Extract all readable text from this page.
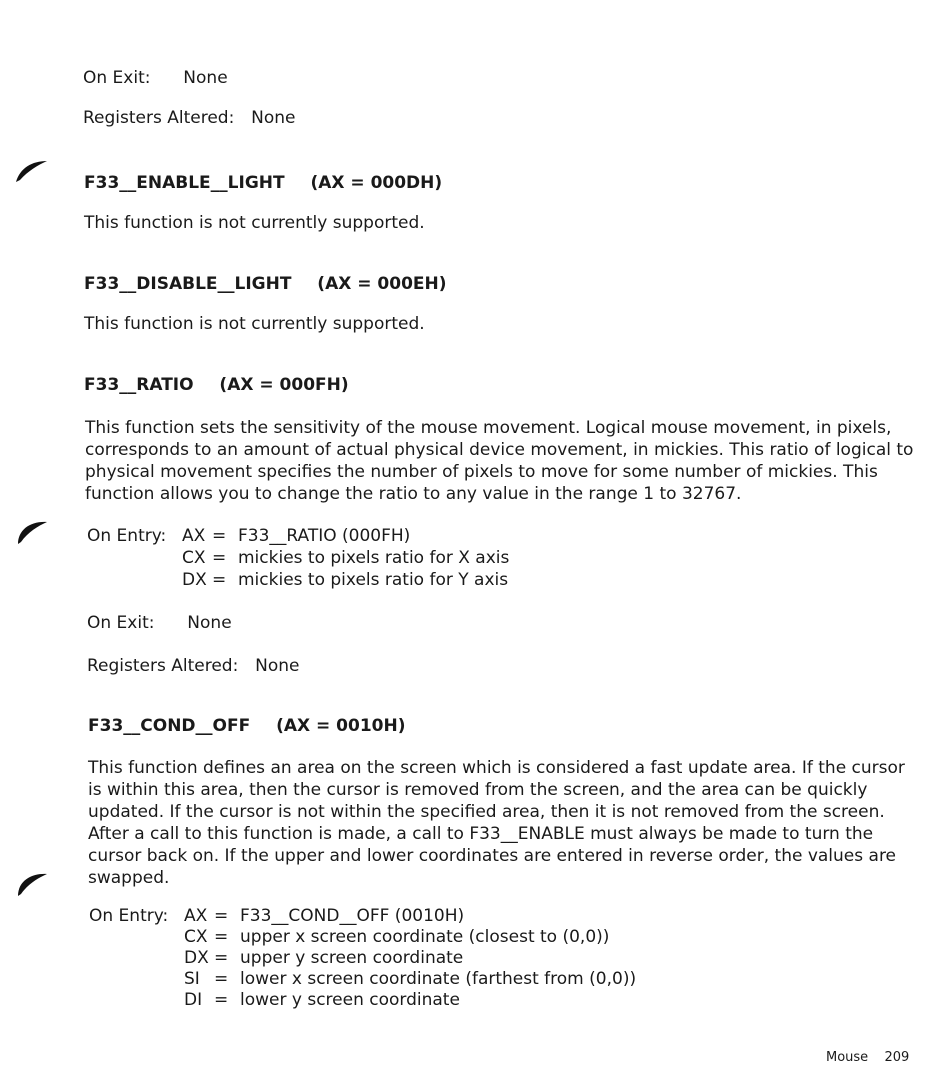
On Exit: None
Registers Altered: None
F33__ENABLE__LIGHT (AX = 000DH)
This function is not currently supported.
F33__DISABLE__LIGHT (AX = 000EH)
This function is not currently supported.
F33__RATIO (AX = 000FH)
This function sets the sensitivity of the mouse movement. Logical mouse movement, in pixels,
corresponds to an amount of actual physical device movement, in mickies. This ratio of logical to
physical movement specifies the number of pixels to move for some number of mickies. This
function allows you to change the ratio to any value in the range 1 to 32767.
On Entry: AX = F33__RATIO (000FH)
CX = mickies to pixels ratio for X axis
DX = mickies to pixels ratio for Y axis
On Exit: None
Registers Altered: None
F33__COND__OFF (AX = 0010H)
This function defines an area on the screen which is considered a fast update area. If the cursor
is within this area, then the cursor is removed from the screen, and the area can be quickly
updated. If the cursor is not within the specified area, then it is not removed from the screen.
After a call to this function is made, a call to F33__ENABLE must always be made to turn the
cursor back on. If the upper and lower coordinates are entered in reverse order, the values are
swapped.
On Entry: AX = F33__COND__OFF (0010H)
CX = upper x screen coordinate (closest to (0,0))
DX = upper y screen coordinate
SI = lower x screen coordinate (farthest from (0,0))
DI = lower y screen coordinate
Mouse 209
